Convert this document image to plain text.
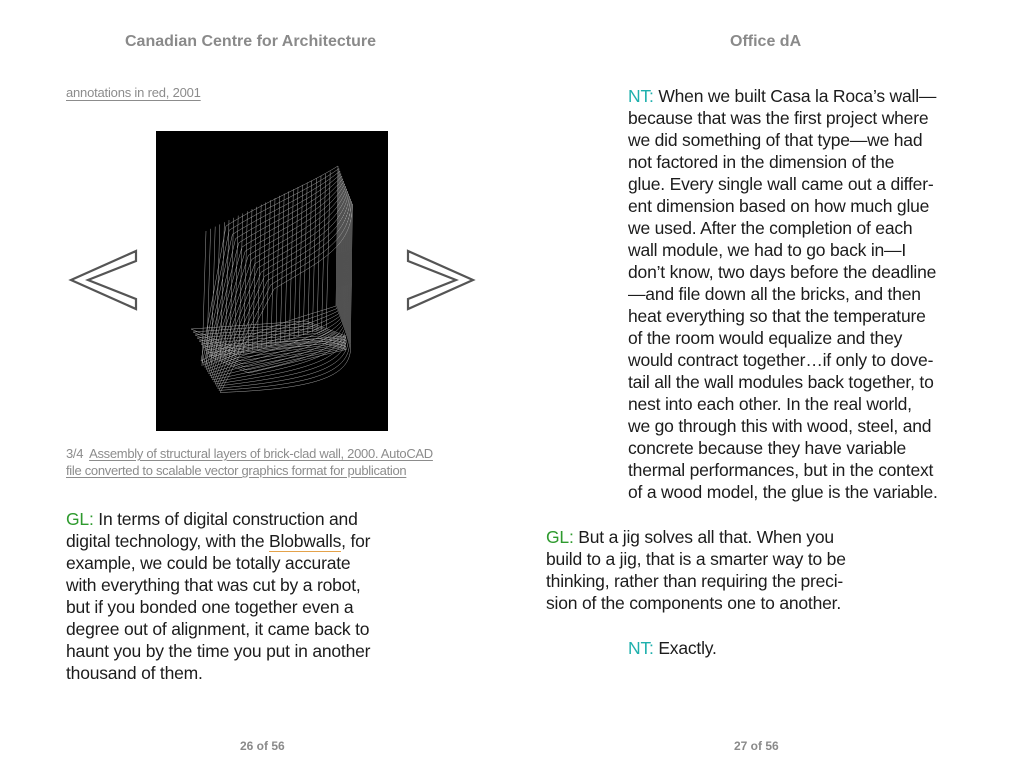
Canadian Centre for Architecture
annotations in red, 2001
3/4 Assembly of structural layers of brick-clad wall, 2000. AutoCAD
file converted to scalable vector graphics format for publication
GL: In terms of digital construction and
digital technology, with the Blobwalls, for
example, we could be totally accurate
with everything that was cut by a robot,
but if you bonded one together even a
degree out of alignment, it came back to
haunt you by the time you put in another
thousand of them.
26 of 56
Office dA
NT: When we built Casa la Roca’s wall—
because that was the first project where
we did something of that type—we had
not factored in the dimension of the
glue. Every single wall came out a differ-
ent dimension based on how much glue
we used. After the completion of each
wall module, we had to go back in—I
don’t know, two days before the deadline
—and file down all the bricks, and then
heat everything so that the temperature
of the room would equalize and they
would contract together…if only to dove-
tail all the wall modules back together, to
nest into each other. In the real world,
we go through this with wood, steel, and
concrete because they have variable
thermal performances, but in the context
of a wood model, the glue is the variable.
GL: But a jig solves all that. When you
build to a jig, that is a smarter way to be
thinking, rather than requiring the preci-
sion of the components one to another.
NT: Exactly.
27 of 56
